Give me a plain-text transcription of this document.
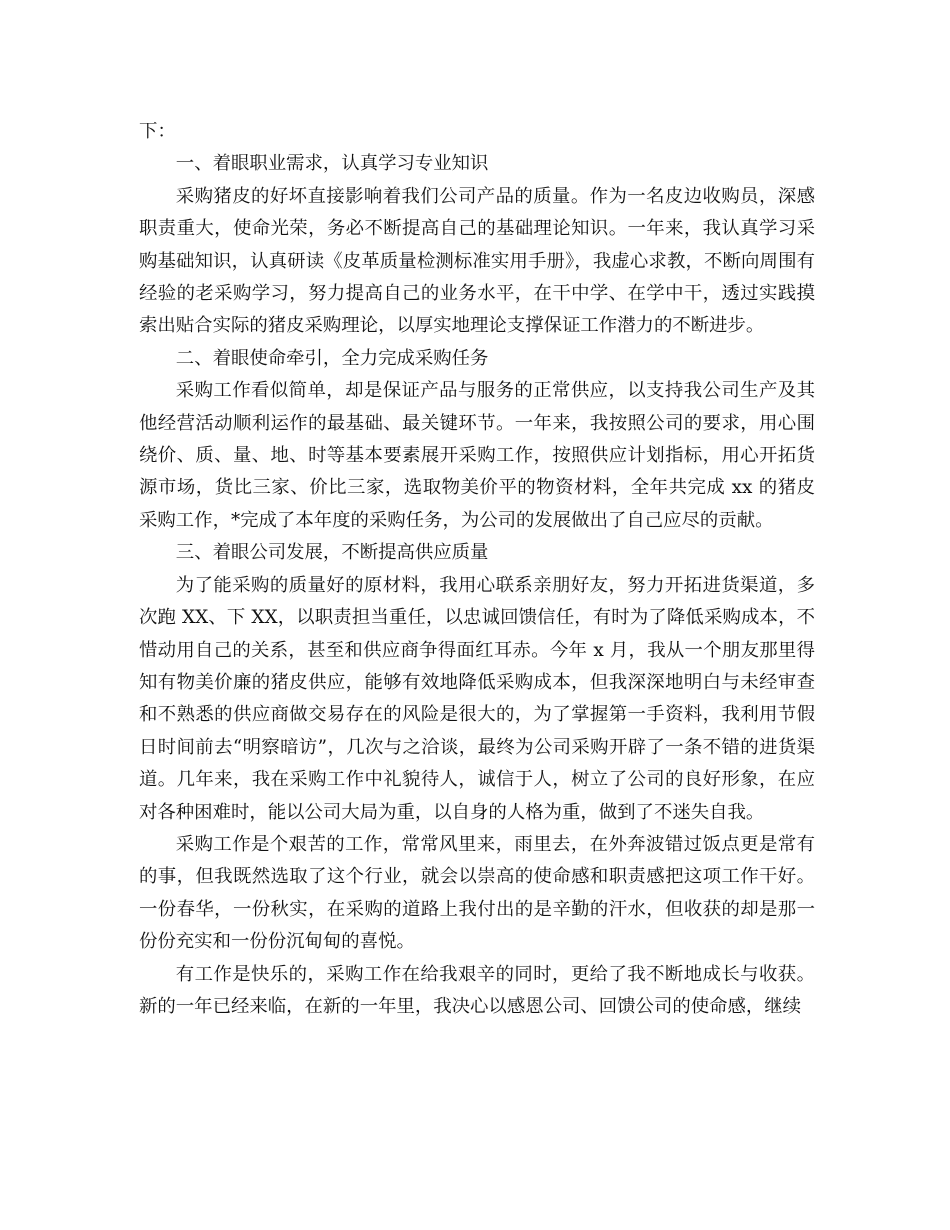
下：

一、着眼职业需求，认真学习专业知识

采购猪皮的好坏直接影响着我们公司产品的质量。作为一名皮边收购员，深感职责重大，使命光荣，务必不断提高自己的基础理论知识。一年来，我认真学习采购基础知识，认真研读《皮革质量检测标准实用手册》，我虚心求教，不断向周围有经验的老采购学习，努力提高自己的业务水平，在干中学、在学中干，透过实践摸索出贴合实际的猪皮采购理论，以厚实地理论支撑保证工作潜力的不断进步。

二、着眼使命牵引，全力完成采购任务

采购工作看似简单，却是保证产品与服务的正常供应，以支持我公司生产及其他经营活动顺利运作的最基础、最关键环节。一年来，我按照公司的要求，用心围绕价、质、量、地、时等基本要素展开采购工作，按照供应计划指标，用心开拓货源市场，货比三家、价比三家，选取物美价平的物资材料，全年共完成 xx 的猪皮采购工作，*完成了本年度的采购任务，为公司的发展做出了自己应尽的贡献。

三、着眼公司发展，不断提高供应质量

为了能采购的质量好的原材料，我用心联系亲朋好友，努力开拓进货渠道，多次跑 XX、下 XX，以职责担当重任，以忠诚回馈信任，有时为了降低采购成本，不惜动用自己的关系，甚至和供应商争得面红耳赤。今年 x 月，我从一个朋友那里得知有物美价廉的猪皮供应，能够有效地降低采购成本，但我深深地明白与未经审查和不熟悉的供应商做交易存在的风险是很大的，为了掌握第一手资料，我利用节假日时间前去“明察暗访”，几次与之洽谈，最终为公司采购开辟了一条不错的进货渠道。几年来，我在采购工作中礼貌待人，诚信于人，树立了公司的良好形象，在应对各种困难时，能以公司大局为重，以自身的人格为重，做到了不迷失自我。

采购工作是个艰苦的工作，常常风里来，雨里去，在外奔波错过饭点更是常有的事，但我既然选取了这个行业，就会以崇高的使命感和职责感把这项工作干好。一份春华，一份秋实，在采购的道路上我付出的是辛勤的汗水，但收获的却是那一份份充实和一份份沉甸甸的喜悦。

有工作是快乐的，采购工作在给我艰辛的同时，更给了我不断地成长与收获。新的一年已经来临，在新的一年里，我决心以感恩公司、回馈公司的使命感，继续
